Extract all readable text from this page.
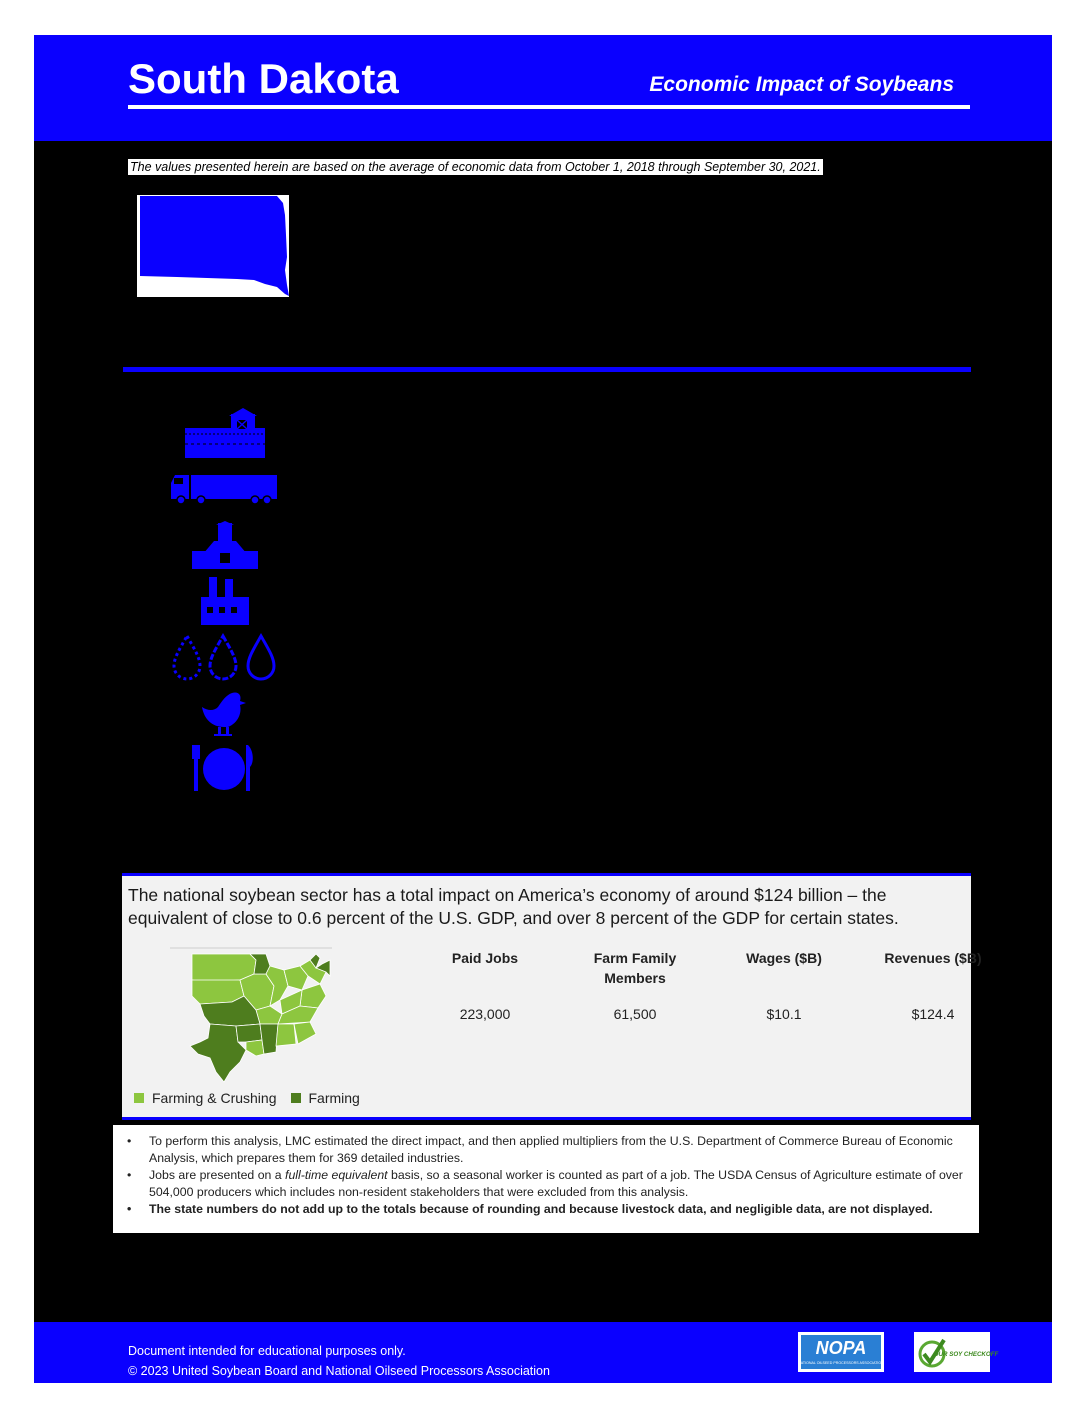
South Dakota	Economic Impact of Soybeans
The values presented herein are based on the average of economic data from October 1, 2018 through September 30, 2021.
The national soybean sector has a total impact on America’s economy of around $124 billion – the equivalent of close to 0.6 percent of the U.S. GDP, and over 8 percent of the GDP for certain states.
Farming & Crushing Farming
Paid Jobs
223,000
Farm Family Members
61,500
Wages ($B)
$10.1
Revenues ($B)
$124.4
• To perform this analysis, LMC estimated the direct impact, and then applied multipliers from the U.S. Department of Commerce Bureau of Economic Analysis, which prepares them for 369 detailed industries.
• Jobs are presented on a full-time equivalent basis, so a seasonal worker is counted as part of a job. The USDA Census of Agriculture estimate of over 504,000 producers which includes non-resident stakeholders that were excluded from this analysis.
• The state numbers do not add up to the totals because of rounding and because livestock data, and negligible data, are not displayed.
Document intended for educational purposes only.
© 2023 United Soybean Board and National Oilseed Processors Association
NOPA
NATIONAL OILSEED PROCESSORS ASSOCIATION
OUR SOY CHECKOFF
